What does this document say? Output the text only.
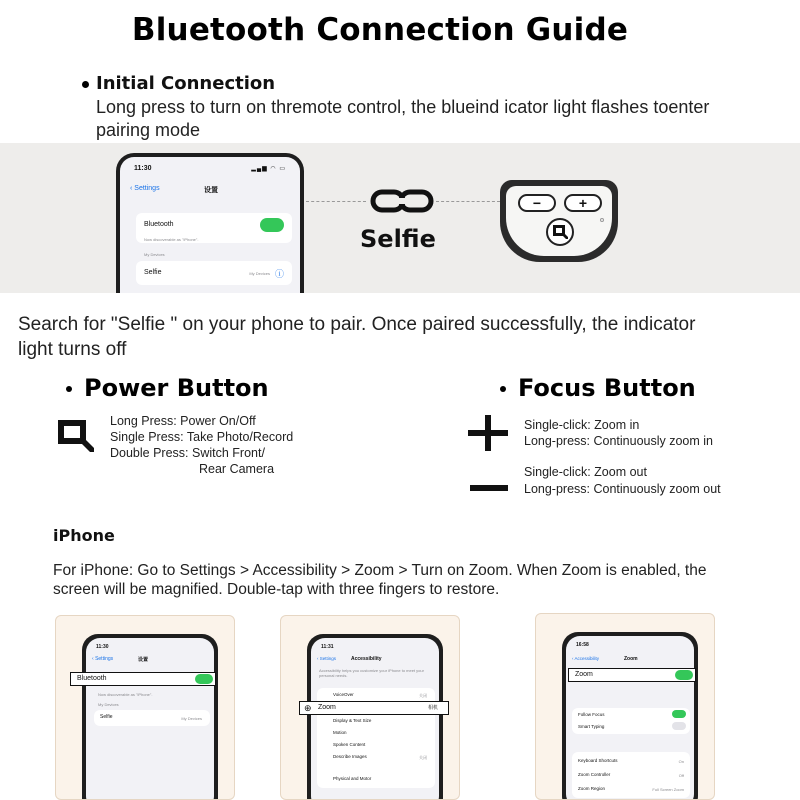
Bluetooth Connection Guide
Initial Connection
Long press to turn on thremote control, the blueind icator light flashes toenter
pairing mode
11:30	▂▄▆ ◠ ▭
‹ Settings	设置
Bluetooth
Now discoverable as "iPhone".
My Devices
Selfie	My Devices ⓘ
Selfie
−	+
Search for "Selfie " on your phone to pair. Once paired successfully, the indicator
light turns off
Power Button
Long Press: Power On/Off
Single Press: Take Photo/Record
Double Press: Switch Front/
Rear Camera
Focus Button
Single-click: Zoom in
Long-press: Continuously zoom in
Single-click: Zoom out
Long-press: Continuously zoom out
iPhone
For iPhone: Go to Settings > Accessibility > Zoom > Turn on Zoom. When Zoom is enabled, the
screen will be magnified. Double-tap with three fingers to restore.
11:30
‹ Settings	设置
Now discoverable as "iPhone".
My Devices
Selfie	My Devices
Bluetooth
11:31
‹ Settings	Accessibility
Accessibility helps you customize your iPhone to meet your personal needs.
VoiceOver	关闭
Display & Text Size
Motion
Spoken Content
Describe Images	关闭
Physical and Motor
⊕ Zoom	相机
16:58
‹ Accessibility	Zoom
Follow Focus
Smart Typing
Keyboard Shortcuts	On
Zoom Controller	Off
Zoom Region	Full Screen Zoom
Zoom
